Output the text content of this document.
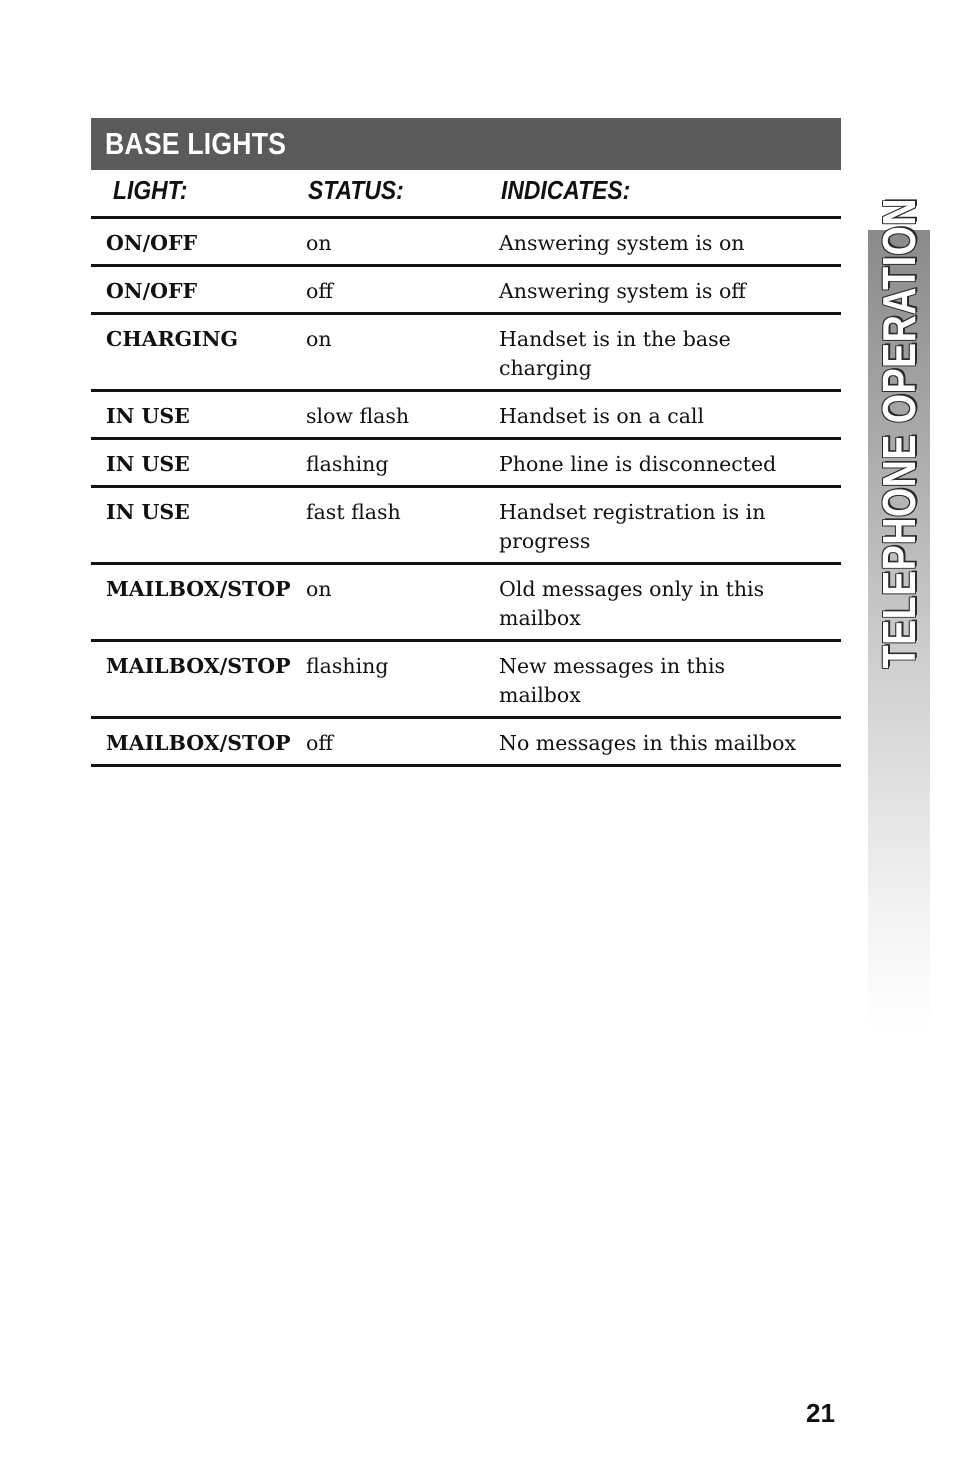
BASE LIGHTS
LIGHT:	STATUS:	INDICATES:
ON/OFF	on	Answering system is on
ON/OFF	off	Answering system is off
CHARGING	on	Handset is in the base
charging
IN USE	slow flash	Handset is on a call
IN USE	flashing	Phone line is disconnected
IN USE	fast flash	Handset registration is in
progress
MAILBOX/STOP on	Old messages only in this
mailbox
MAILBOX/STOP flashing	New messages in this
mailbox
MAILBOX/STOP off	No messages in this mailbox
TELEPHONE OPERATION
21
